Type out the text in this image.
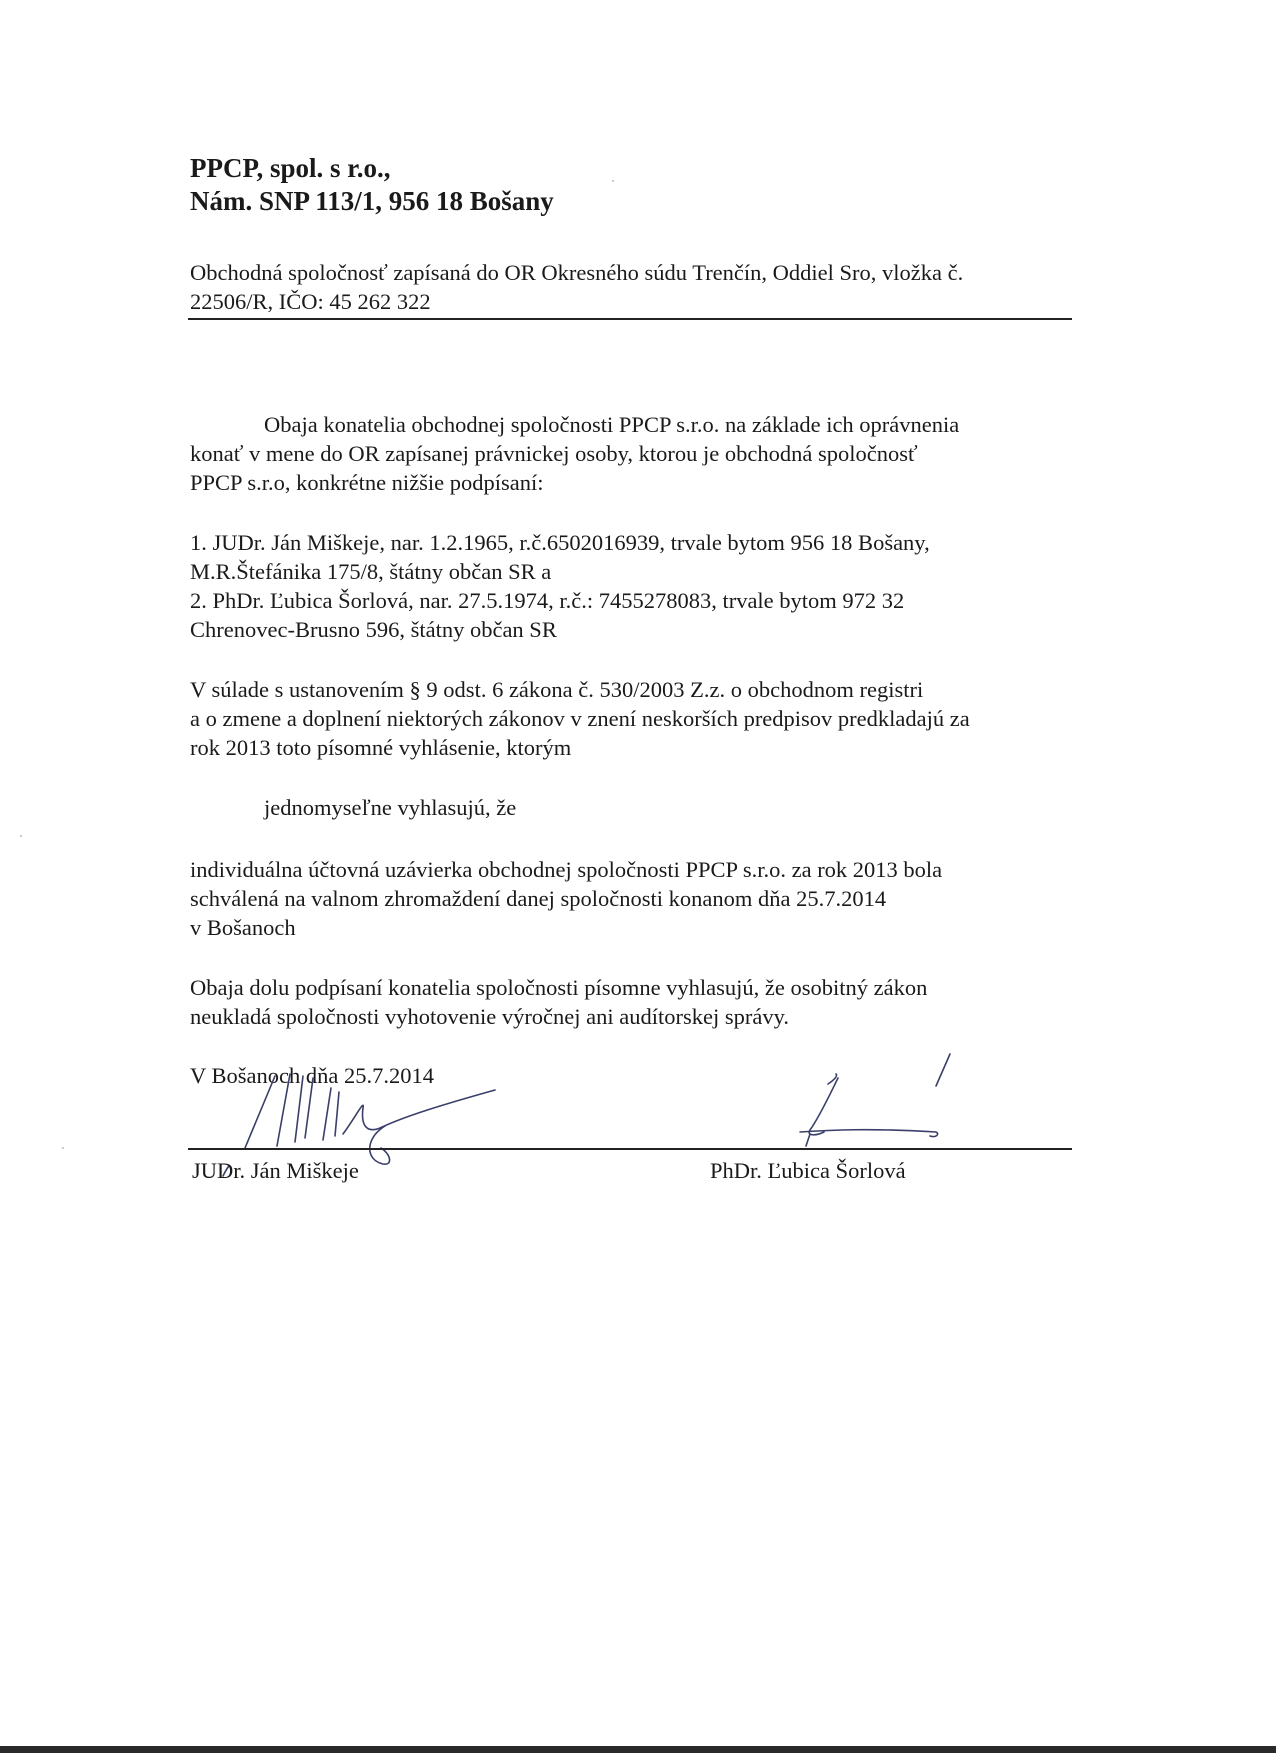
PPCP, spol. s r.o.,
Nám. SNP 113/1, 956 18 Bošany
Obchodná spoločnosť zapísaná do OR Okresného súdu Trenčín, Oddiel Sro, vložka č.
22506/R, IČO: 45 262 322
Obaja konatelia obchodnej spoločnosti PPCP s.r.o. na základe ich oprávnenia
konať v mene do OR zapísanej právnickej osoby, ktorou je obchodná spoločnosť
PPCP s.r.o, konkrétne nižšie podpísaní:
1. JUDr. Ján Miškeje, nar. 1.2.1965, r.č.6502016939, trvale bytom 956 18 Bošany,
M.R.Štefánika 175/8, štátny občan SR a
2. PhDr. Ľubica Šorlová, nar. 27.5.1974, r.č.: 7455278083, trvale bytom 972 32
Chrenovec-Brusno 596, štátny občan SR
V súlade s ustanovením § 9 odst. 6 zákona č. 530/2003 Z.z. o obchodnom registri
a o zmene a doplnení niektorých zákonov v znení neskorších predpisov predkladajú za
rok 2013 toto písomné vyhlásenie, ktorým
jednomyseľne vyhlasujú, že
individuálna účtovná uzávierka obchodnej spoločnosti PPCP s.r.o. za rok 2013 bola
schválená na valnom zhromaždení danej spoločnosti konanom dňa 25.7.2014
v Bošanoch
Obaja dolu podpísaní konatelia spoločnosti písomne vyhlasujú, že osobitný zákon
neukladá spoločnosti vyhotovenie výročnej ani audítorskej správy.
V Bošanoch dňa 25.7.2014
JUDr. Ján Miškeje	PhDr. Ľubica Šorlová
